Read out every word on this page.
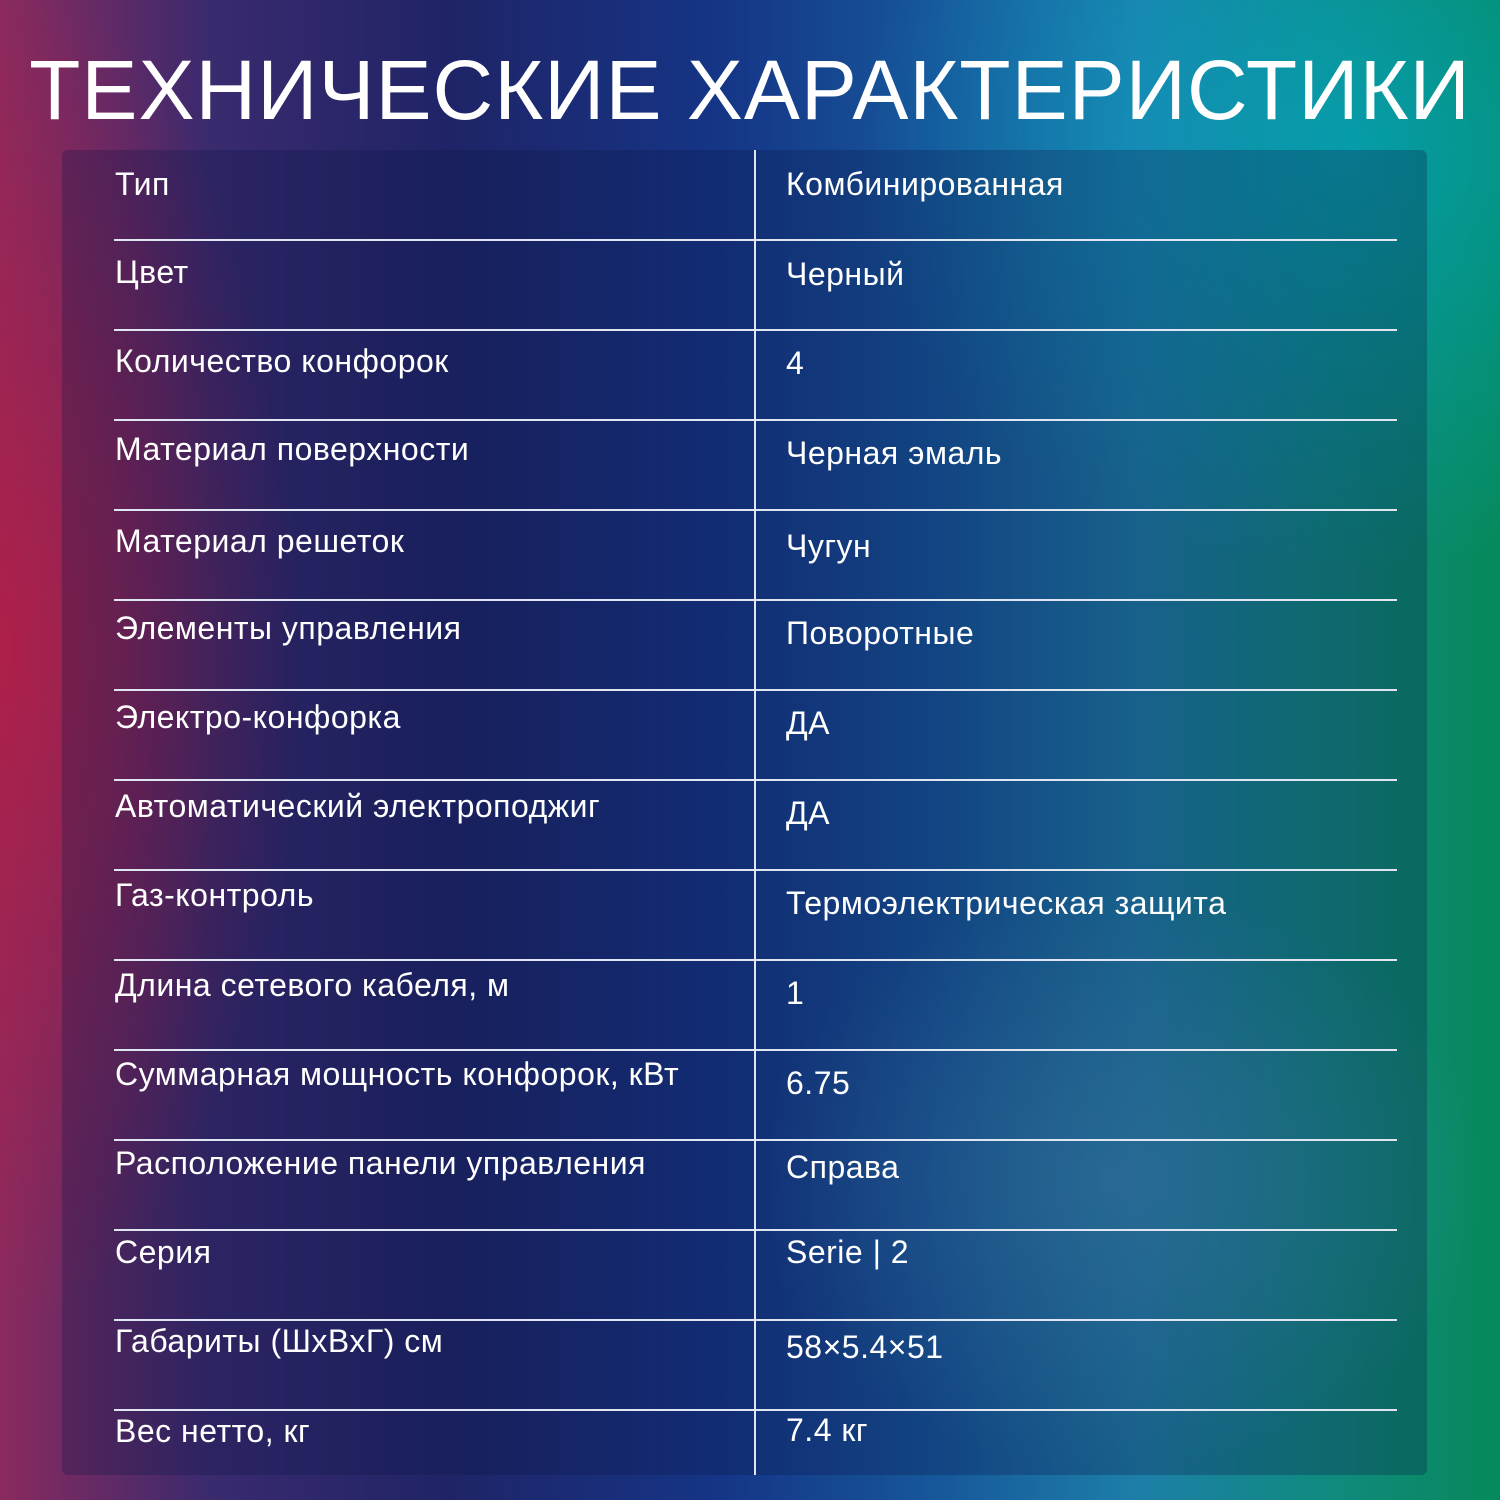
ТЕХНИЧЕСКИЕ ХАРАКТЕРИСТИКИ
Тип	Комбинированная
Цвет	Черный
Количество конфорок	4
Материал поверхности	Черная эмаль
Материал решеток	Чугун
Элементы управления	Поворотные
Электро-конфорка	ДА
Автоматический электроподжиг	ДА
Газ-контроль	Термоэлектрическая защита
Длина сетевого кабеля, м	1
Суммарная мощность конфорок, кВт	6.75
Расположение панели управления	Справа
Серия	Serie | 2
Габариты (ШхВхГ) см	58×5.4×51
Вес нетто, кг	7.4 кг
